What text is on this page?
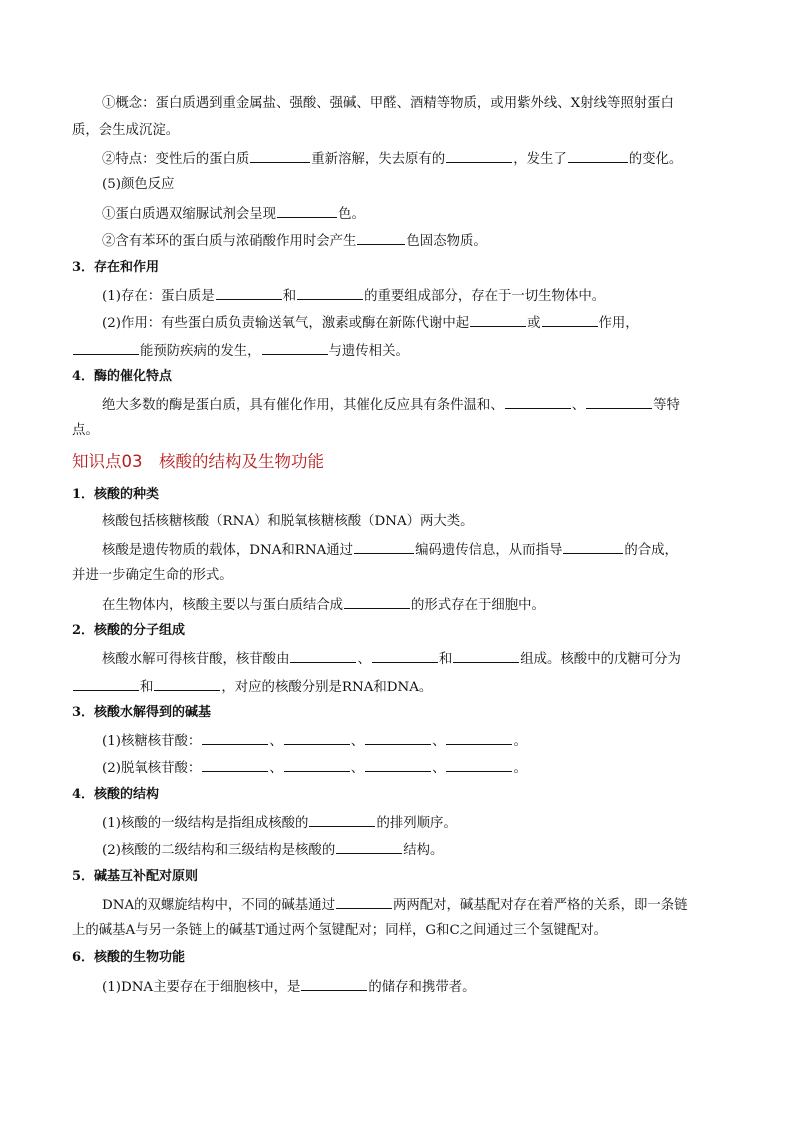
①概念：蛋白质遇到重金属盐、强酸、强碱、甲醛、酒精等物质，或用紫外线、X射线等照射蛋白
质，会生成沉淀。
②特点：变性后的蛋白质	重新溶解，失去原有的	，发生了	的变化。
(5)颜色反应
①蛋白质遇双缩脲试剂会呈现	色。
②含有苯环的蛋白质与浓硝酸作用时会产生	色固态物质。
3．存在和作用
(1)存在：蛋白质是	和	的重要组成部分，存在于一切生物体中。
(2)作用：有些蛋白质负责输送氧气，激素或酶在新陈代谢中起	或	作用，
能预防疾病的发生，	与遗传相关。
4．酶的催化特点
绝大多数的酶是蛋白质，具有催化作用，其催化反应具有条件温和、	、	等特
点。
知识点03　核酸的结构及生物功能
1．核酸的种类
核酸包括核糖核酸（RNA）和脱氧核糖核酸（DNA）两大类。
核酸是遗传物质的载体，DNA和RNA通过	编码遗传信息，从而指导	的合成，
并进一步确定生命的形式。
在生物体内，核酸主要以与蛋白质结合成	的形式存在于细胞中。
2．核酸的分子组成
核酸水解可得核苷酸，核苷酸由	、	和	组成。核酸中的戊糖可分为
和	，对应的核酸分别是RNA和DNA。
3．核酸水解得到的碱基
(1)核糖核苷酸：	、	、	、	。
(2)脱氧核苷酸：	、	、	、	。
4．核酸的结构
(1)核酸的一级结构是指组成核酸的	的排列顺序。
(2)核酸的二级结构和三级结构是核酸的	结构。
5．碱基互补配对原则
DNA的双螺旋结构中，不同的碱基通过	两两配对，碱基配对存在着严格的关系，即一条链
上的碱基A与另一条链上的碱基T通过两个氢键配对；同样，G和C之间通过三个氢键配对。
6．核酸的生物功能
(1)DNA主要存在于细胞核中，是	的储存和携带者。
